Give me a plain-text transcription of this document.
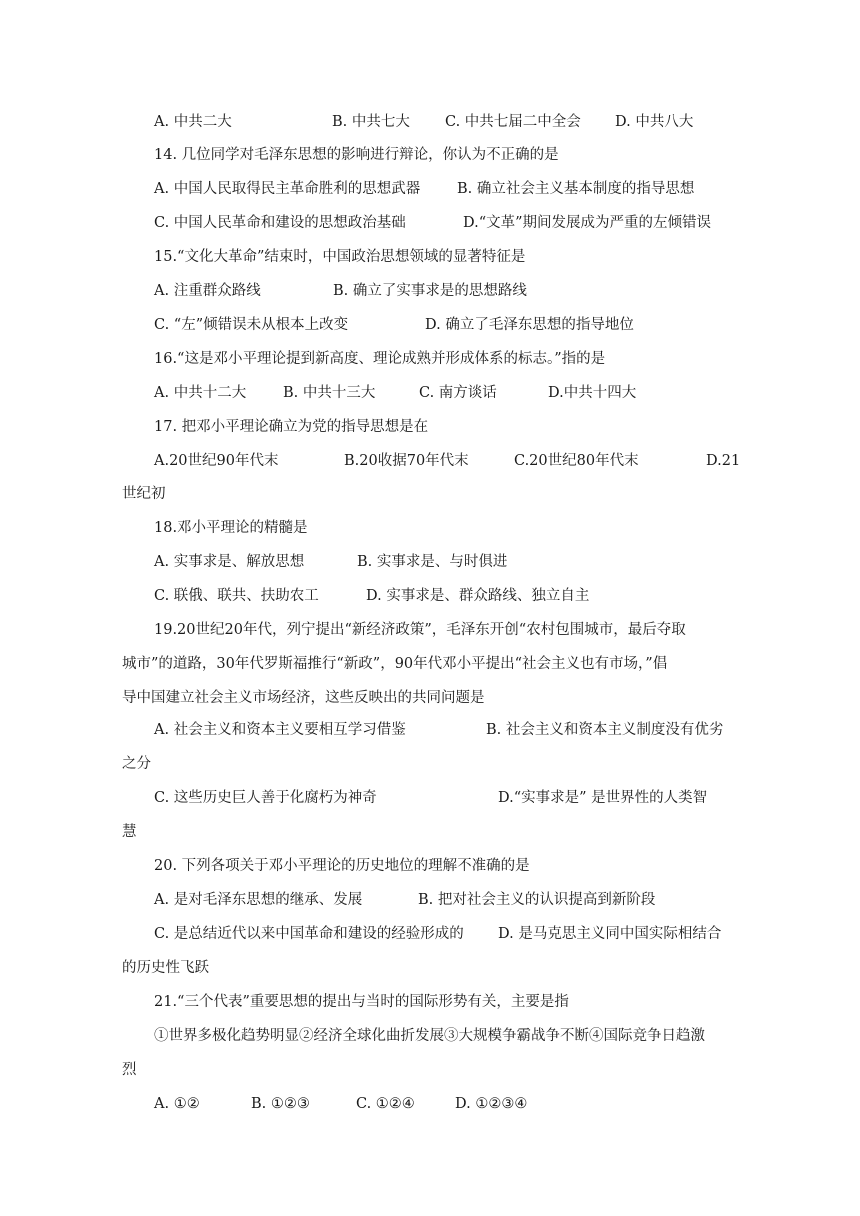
A. 中共二大	B. 中共七大 C. 中共七届二中全会 D. 中共八大
14. 几位同学对毛泽东思想的影响进行辩论，你认为不正确的是
A. 中国人民取得民主革命胜利的思想武器	B. 确立社会主义基本制度的指导思想
C. 中国人民革命和建设的思想政治基础	D.“文革”期间发展成为严重的左倾错误
15.“文化大革命”结束时，中国政治思想领域的显著特征是
A. 注重群众路线	B. 确立了实事求是的思想路线
C. “左”倾错误未从根本上改变	D. 确立了毛泽东思想的指导地位
16.“这是邓小平理论提到新高度、理论成熟并形成体系的标志。”指的是
A. 中共十二大	B. 中共十三大	C. 南方谈话	D.中共十四大
17. 把邓小平理论确立为党的指导思想是在
A.20世纪90年代末	B.20收据70年代末	C.20世纪80年代末	D.21
世纪初
18.邓小平理论的精髓是
A. 实事求是、解放思想	B. 实事求是、与时俱进
C. 联俄、联共、扶助农工	D. 实事求是、群众路线、独立自主
19.20世纪20年代，列宁提出“新经济政策”，毛泽东开创“农村包围城市，最后夺取
城市”的道路，30年代罗斯福推行“新政”，90年代邓小平提出“社会主义也有市场，”倡
导中国建立社会主义市场经济，这些反映出的共同问题是
A. 社会主义和资本主义要相互学习借鉴	B. 社会主义和资本主义制度没有优劣
之分
C. 这些历史巨人善于化腐朽为神奇	D.“实事求是” 是世界性的人类智
慧
20. 下列各项关于邓小平理论的历史地位的理解不准确的是
A. 是对毛泽东思想的继承、发展	B. 把对社会主义的认识提高到新阶段
C. 是总结近代以来中国革命和建设的经验形成的 D. 是马克思主义同中国实际相结合
的历史性飞跃
21.“三个代表”重要思想的提出与当时的国际形势有关，主要是指
①世界多极化趋势明显②经济全球化曲折发展③大规模争霸战争不断④国际竞争日趋激
烈
A. ①②	B. ①②③	C. ①②④	D. ①②③④
